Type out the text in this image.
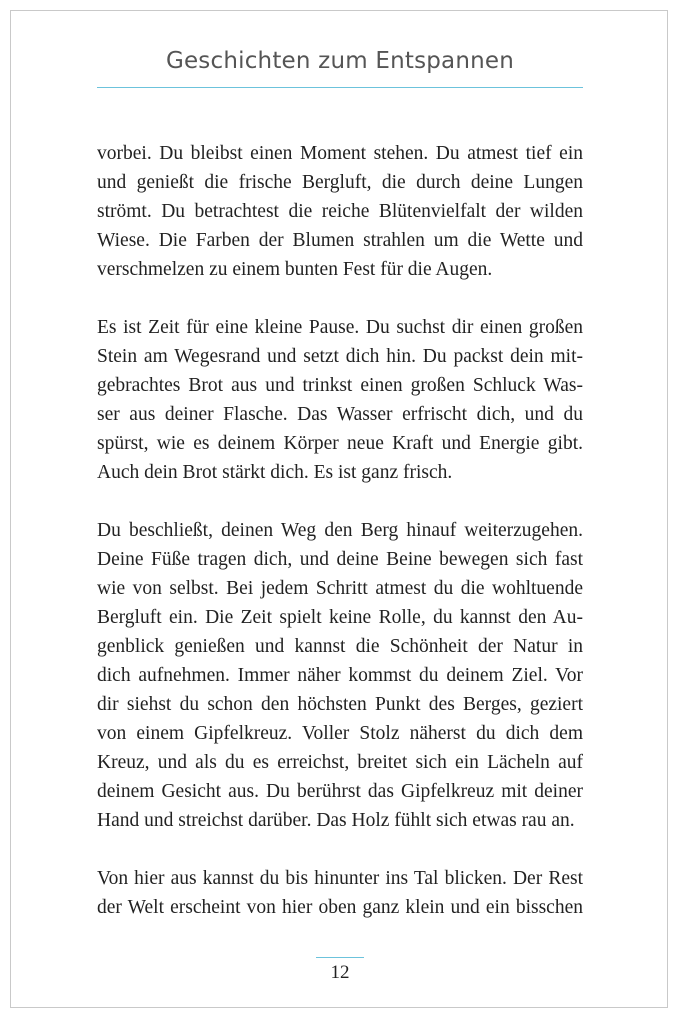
Geschichten zum Entspannen

vorbei. Du bleibst einen Moment stehen. Du atmest tief ein
und genießt die frische Bergluft, die durch deine Lungen
strömt. Du betrachtest die reiche Blütenvielfalt der wilden
Wiese. Die Farben der Blumen strahlen um die Wette und
verschmelzen zu einem bunten Fest für die Augen.

Es ist Zeit für eine kleine Pause. Du suchst dir einen großen
Stein am Wegesrand und setzt dich hin. Du packst dein mit-
gebrachtes Brot aus und trinkst einen großen Schluck Was-
ser aus deiner Flasche. Das Wasser erfrischt dich, und du
spürst, wie es deinem Körper neue Kraft und Energie gibt.
Auch dein Brot stärkt dich. Es ist ganz frisch.

Du beschließt, deinen Weg den Berg hinauf weiterzugehen.
Deine Füße tragen dich, und deine Beine bewegen sich fast
wie von selbst. Bei jedem Schritt atmest du die wohltuende
Bergluft ein. Die Zeit spielt keine Rolle, du kannst den Au-
genblick genießen und kannst die Schönheit der Natur in
dich aufnehmen. Immer näher kommst du deinem Ziel. Vor
dir siehst du schon den höchsten Punkt des Berges, geziert
von einem Gipfelkreuz. Voller Stolz näherst du dich dem
Kreuz, und als du es erreichst, breitet sich ein Lächeln auf
deinem Gesicht aus. Du berührst das Gipfelkreuz mit deiner
Hand und streichst darüber. Das Holz fühlt sich etwas rau an.

Von hier aus kannst du bis hinunter ins Tal blicken. Der Rest
der Welt erscheint von hier oben ganz klein und ein bisschen

12
